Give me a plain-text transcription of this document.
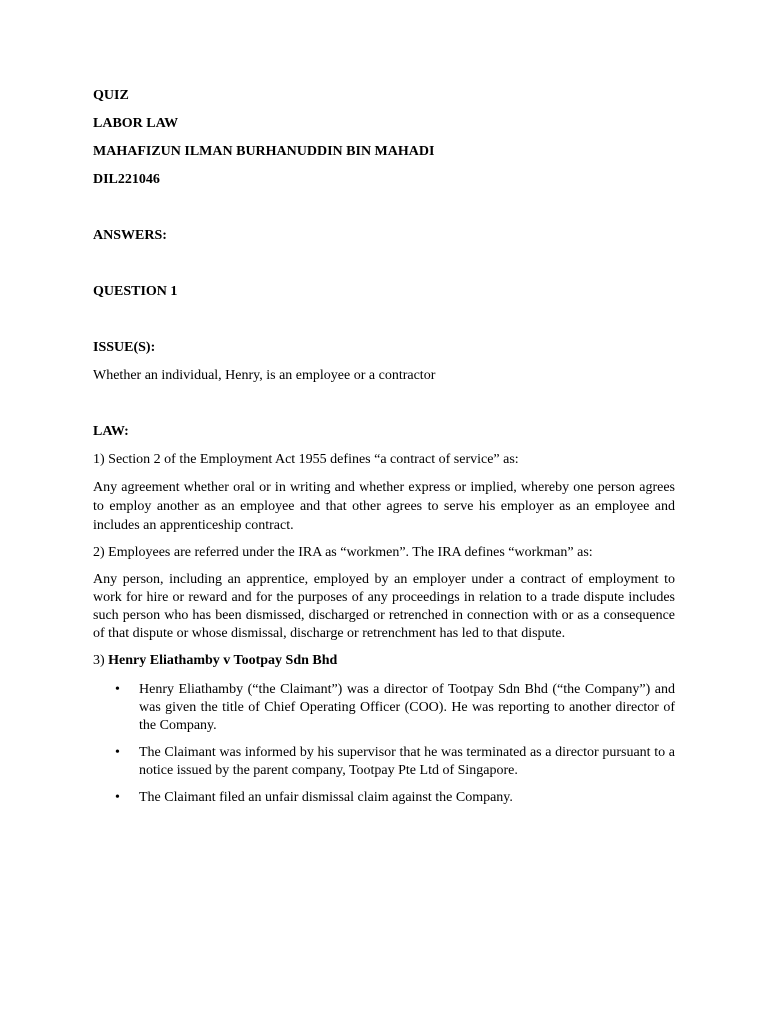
QUIZ

LABOR LAW

MAHAFIZUN ILMAN BURHANUDDIN BIN MAHADI

DIL221046

ANSWERS:

QUESTION 1

ISSUE(S):

Whether an individual, Henry, is an employee or a contractor

LAW:

1) Section 2 of the Employment Act 1955 defines “a contract of service” as:

Any agreement whether oral or in writing and whether express or implied, whereby one person agrees to employ another as an employee and that other agrees to serve his employer as an employee and includes an apprenticeship contract.

2) Employees are referred under the IRA as “workmen”. The IRA defines “workman” as:

Any person, including an apprentice, employed by an employer under a contract of employment to work for hire or reward and for the purposes of any proceedings in relation to a trade dispute includes such person who has been dismissed, discharged or retrenched in connection with or as a consequence of that dispute or whose dismissal, discharge or retrenchment has led to that dispute.

3) Henry Eliathamby v Tootpay Sdn Bhd

• Henry Eliathamby (“the Claimant”) was a director of Tootpay Sdn Bhd (“the Company”) and was given the title of Chief Operating Officer (COO). He was reporting to another director of the Company.
• The Claimant was informed by his supervisor that he was terminated as a director pursuant to a notice issued by the parent company, Tootpay Pte Ltd of Singapore.
• The Claimant filed an unfair dismissal claim against the Company.
